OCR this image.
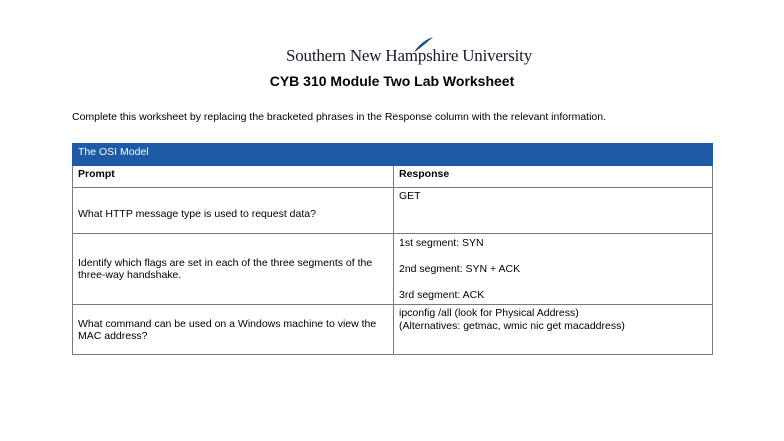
Southern New Hampshire University
CYB 310 Module Two Lab Worksheet
Complete this worksheet by replacing the bracketed phrases in the Response column with the relevant information.
The OSI Model	
Prompt	Response
What HTTP message type is used to request data?	GET

Identify which flags are set in each of the three segments of the three-way handshake.	1st segment: SYN
2nd segment: SYN + ACK
3rd segment: ACK

What command can be used on a Windows machine to view the MAC address?	ipconfig /all (look for Physical Address)
(Alternatives: getmac, wmic nic get macaddress)
